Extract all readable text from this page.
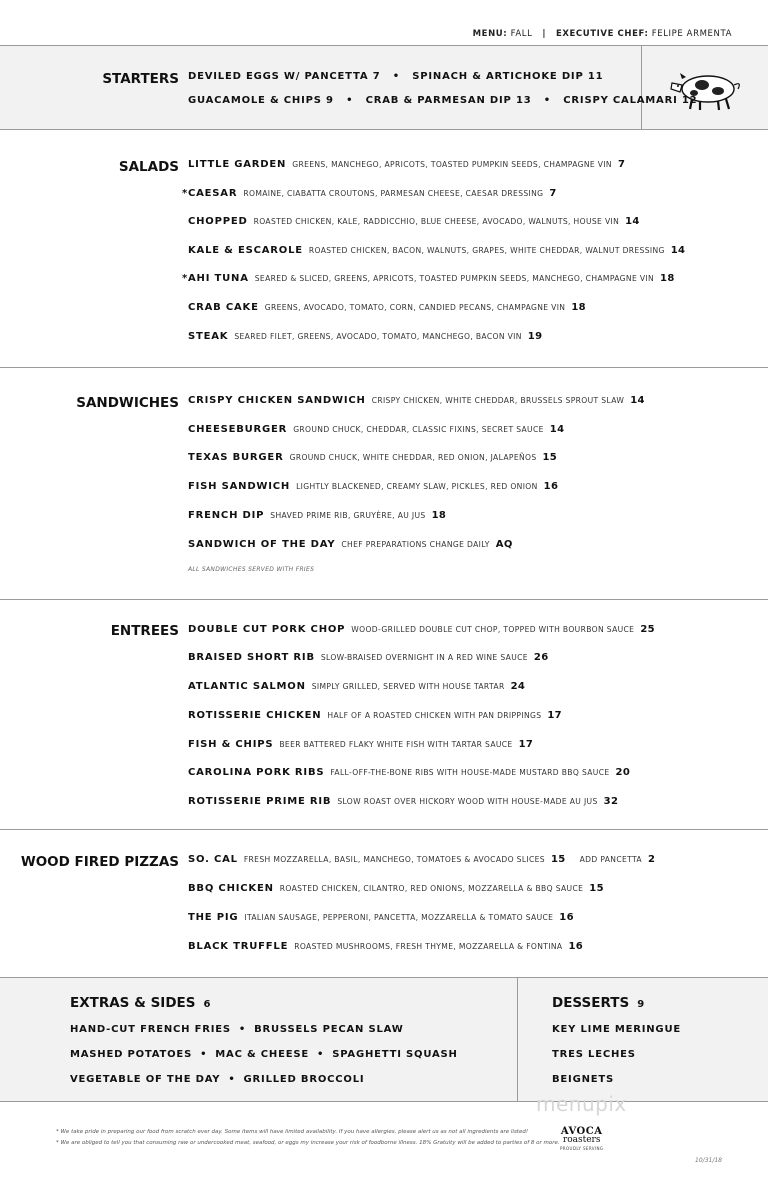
MENU: FALL | EXECUTIVE CHEF: FELIPE ARMENTA
STARTERS DEVILED EGGS W/ PANCETTA 7 • SPINACH & ARTICHOKE DIP 11
GUACAMOLE & CHIPS 9 • CRAB & PARMESAN DIP 13 • CRISPY CALAMARI 12
SALADS LITTLE GARDEN GREENS, MANCHEGO, APRICOTS, TOASTED PUMPKIN SEEDS, CHAMPAGNE VIN 7
* CAESAR ROMAINE, CIABATTA CROUTONS, PARMESAN CHEESE, CAESAR DRESSING 7
CHOPPED ROASTED CHICKEN, KALE, RADDICCHIO, BLUE CHEESE, AVOCADO, WALNUTS, HOUSE VIN 14
KALE & ESCAROLE ROASTED CHICKEN, BACON, WALNUTS, GRAPES, WHITE CHEDDAR, WALNUT DRESSING 14
* AHI TUNA SEARED & SLICED, GREENS, APRICOTS, TOASTED PUMPKIN SEEDS, MANCHEGO, CHAMPAGNE VIN 18
CRAB CAKE GREENS, AVOCADO, TOMATO, CORN, CANDIED PECANS, CHAMPAGNE VIN 18
STEAK SEARED FILET, GREENS, AVOCADO, TOMATO, MANCHEGO, BACON VIN 19
SANDWICHES CRISPY CHICKEN SANDWICH CRISPY CHICKEN, WHITE CHEDDAR, BRUSSELS SPROUT SLAW 14
CHEESEBURGER GROUND CHUCK, CHEDDAR, CLASSIC FIXINS, SECRET SAUCE 14
TEXAS BURGER GROUND CHUCK, WHITE CHEDDAR, RED ONION, JALAPEÑOS 15
FISH SANDWICH LIGHTLY BLACKENED, CREAMY SLAW, PICKLES, RED ONION 16
FRENCH DIP SHAVED PRIME RIB, GRUYÈRE, AU JUS 18
SANDWICH OF THE DAY CHEF PREPARATIONS CHANGE DAILY AQ
ALL SANDWICHES SERVED WITH FRIES
ENTREES DOUBLE CUT PORK CHOP WOOD-GRILLED DOUBLE CUT CHOP, TOPPED WITH BOURBON SAUCE 25
BRAISED SHORT RIB SLOW-BRAISED OVERNIGHT IN A RED WINE SAUCE 26
ATLANTIC SALMON SIMPLY GRILLED, SERVED WITH HOUSE TARTAR 24
ROTISSERIE CHICKEN HALF OF A ROASTED CHICKEN WITH PAN DRIPPINGS 17
FISH & CHIPS BEER BATTERED FLAKY WHITE FISH WITH TARTAR SAUCE 17
CAROLINA PORK RIBS FALL-OFF-THE-BONE RIBS WITH HOUSE-MADE MUSTARD BBQ SAUCE 20
ROTISSERIE PRIME RIB SLOW ROAST OVER HICKORY WOOD WITH HOUSE-MADE AU JUS 32
WOOD FIRED PIZZAS SO. CAL FRESH MOZZARELLA, BASIL, MANCHEGO, TOMATOES & AVOCADO SLICES 15 ADD PANCETTA 2
BBQ CHICKEN ROASTED CHICKEN, CILANTRO, RED ONIONS, MOZZARELLA & BBQ SAUCE 15
THE PIG ITALIAN SAUSAGE, PEPPERONI, PANCETTA, MOZZARELLA & TOMATO SAUCE 16
BLACK TRUFFLE ROASTED MUSHROOMS, FRESH THYME, MOZZARELLA & FONTINA 16
EXTRAS & SIDES 6
HAND-CUT FRENCH FRIES • BRUSSELS PECAN SLAW
MASHED POTATOES • MAC & CHEESE • SPAGHETTI SQUASH
VEGETABLE OF THE DAY • GRILLED BROCCOLI
DESSERTS 9
KEY LIME MERINGUE
TRES LECHES
BEIGNETS
menupix
* We take pride in preparing our food from scratch ever day. Some items will have limited availability. If you have allergies, please alert us as not all ingredients are listed!
* We are obliged to tell you that consuming raw or undercooked meat, seafood, or eggs my increase your risk of foodborne illness. 18% Gratuity will be added to parties of 8 or more.
AVOCA
roasters
PROUDLY SERVING
10/31/18
